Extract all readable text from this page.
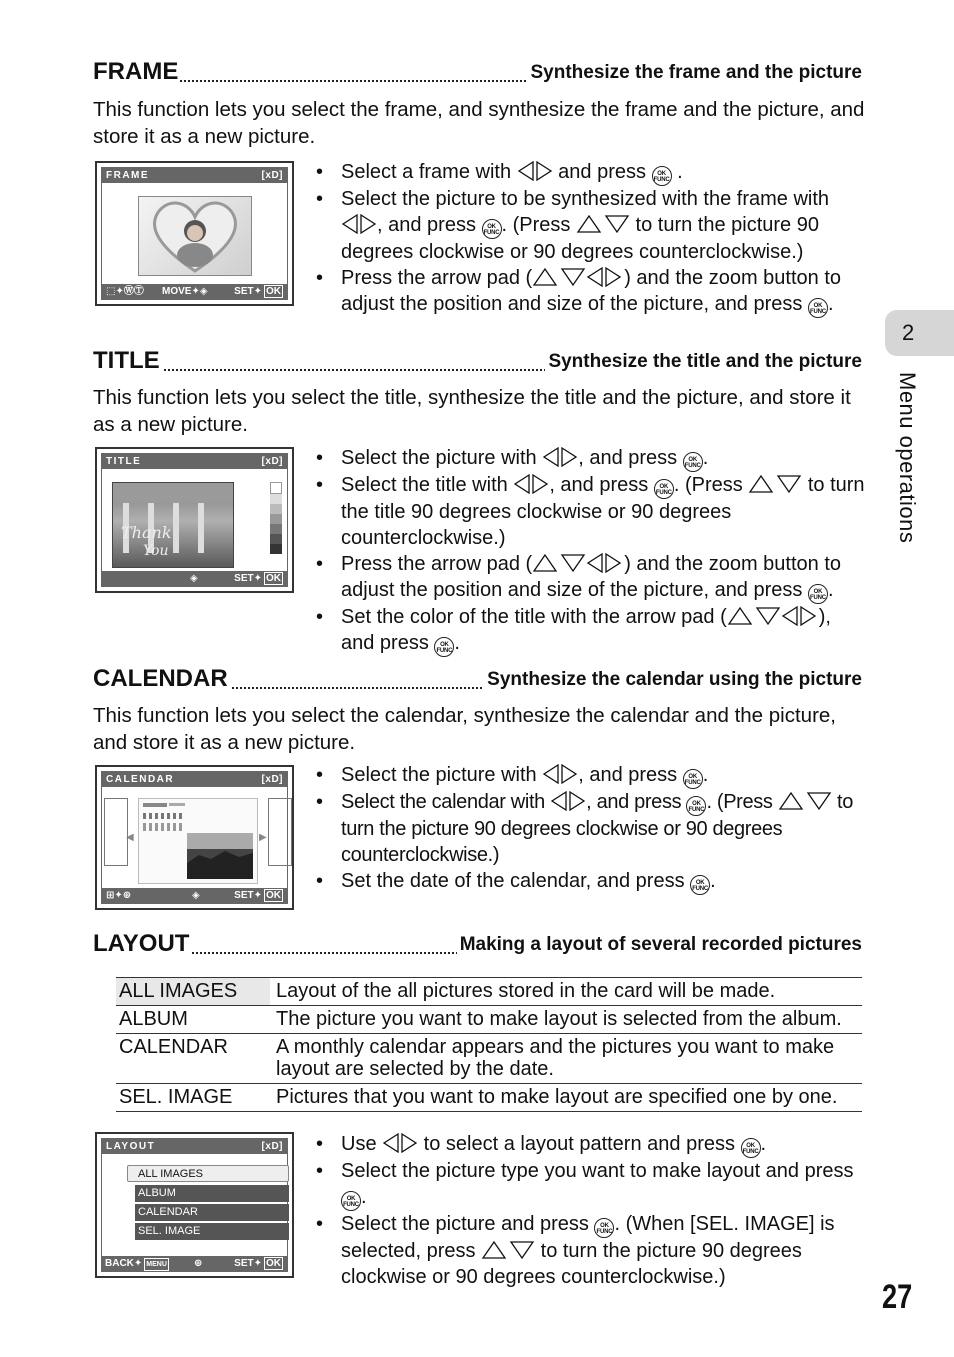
2
Menu operations
FRAME	Synthesize the frame and the picture
This function lets you select the frame, and synthesize the frame and the picture, and store it as a new picture.
FRAME	[xD]
⬚✦ⓌⓉ MOVE✦◈	SET✦ OK
• Select a frame with
and press OK
FUNC .
• Select the picture to be synthesized with the frame with
, and press OK
FUNC . (Press	to turn the picture 90 degrees clockwise or 90 degrees counterclockwise.)
• Press the arrow pad (	) and the zoom button to adjust the position and size of the picture, and press OK
FUNC .
TITLE	Synthesize the title and the picture
This function lets you select the title, synthesize the title and the picture, and store it as a new picture.
TITLE	[xD]
Thank
You
◈	SET✦ OK
• Select the picture with
, and press OK
FUNC .
• Select the title with
, and press OK
FUNC . (Press	to turn the title 90 degrees clockwise or 90 degrees counterclockwise.)
• Press the arrow pad (	) and the zoom button to adjust the position and size of the picture, and press OK
FUNC .
• Set the color of the title with the arrow pad (	), and press OK
FUNC .
CALENDAR	Synthesize the calendar using the picture
This function lets you select the calendar, synthesize the calendar and the picture, and store it as a new picture.
CALENDAR	[xD]
◀	▶
⊞✦⊕	◈	SET✦ OK
• Select the picture with
, and press OK
FUNC .
• Select the calendar with
, and press OK
FUNC . (Press	to turn the picture 90 degrees clockwise or 90 degrees counterclockwise.)
• Set the date of the calendar, and press OK
FUNC .
LAYOUT	Making a layout of several recorded pictures
ALL IMAGES	Layout of the all pictures stored in the card will be made.
ALBUM	The picture you want to make layout is selected from the album.
CALENDAR	A monthly calendar appears and the pictures you want to make layout are selected by the date.
SEL. IMAGE	Pictures that you want to make layout are specified one by one.
LAYOUT	[xD]
ALL IMAGES
ALBUM
CALENDAR
SEL. IMAGE
BACK✦ MENU	⊕	SET✦ OK
• Use
to select a layout pattern and press OK
FUNC .
• Select the picture type you want to make layout and press
OK
FUNC .
• Select the picture and press OK
FUNC . (When [SEL. IMAGE] is selected, press	to turn the picture 90 degrees clockwise or 90 degrees counterclockwise.)
27
